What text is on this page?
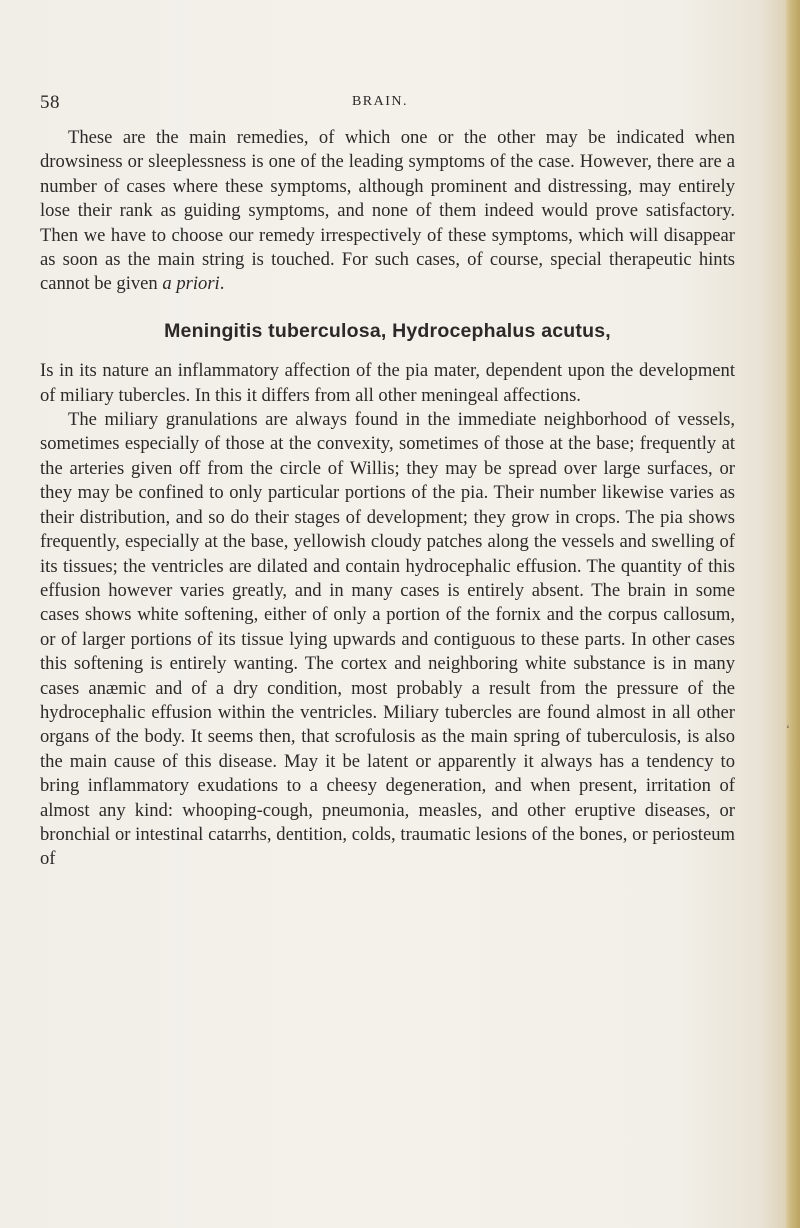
58	BRAIN.

These are the main remedies, of which one or the other may be indicated when drowsiness or sleeplessness is one of the leading symptoms of the case. However, there are a number of cases where these symptoms, although prominent and distressing, may entirely lose their rank as guiding symptoms, and none of them indeed would prove satisfactory. Then we have to choose our remedy irrespectively of these symptoms, which will disappear as soon as the main string is touched. For such cases, of course, special therapeutic hints cannot be given a priori.

Meningitis tuberculosa, Hydrocephalus acutus,

Is in its nature an inflammatory affection of the pia mater, dependent upon the development of miliary tubercles. In this it differs from all other meningeal affections.

The miliary granulations are always found in the immediate neighborhood of vessels, sometimes especially of those at the convexity, sometimes of those at the base; frequently at the arteries given off from the circle of Willis; they may be spread over large surfaces, or they may be confined to only particular portions of the pia. Their number likewise varies as their distribution, and so do their stages of development; they grow in crops. The pia shows frequently, especially at the base, yellowish cloudy patches along the vessels and swelling of its tissues; the ventricles are dilated and contain hydrocephalic effusion. The quantity of this effusion however varies greatly, and in many cases is entirely absent. The brain in some cases shows white softening, either of only a portion of the fornix and the corpus callosum, or of larger portions of its tissue lying upwards and contiguous to these parts. In other cases this softening is entirely wanting. The cortex and neighboring white substance is in many cases anæmic and of a dry condition, most probably a result from the pressure of the hydrocephalic effusion within the ventricles. Miliary tubercles are found almost in all other organs of the body. It seems then, that scrofulosis as the main spring of tuberculosis, is also the main cause of this disease. May it be latent or apparently it always has a tendency to bring inflammatory exudations to a cheesy degeneration, and when present, irritation of almost any kind: whooping-cough, pneumonia, measles, and other eruptive diseases, or bronchial or intestinal catarrhs, dentition, colds, traumatic lesions of the bones, or periosteum of

‘
